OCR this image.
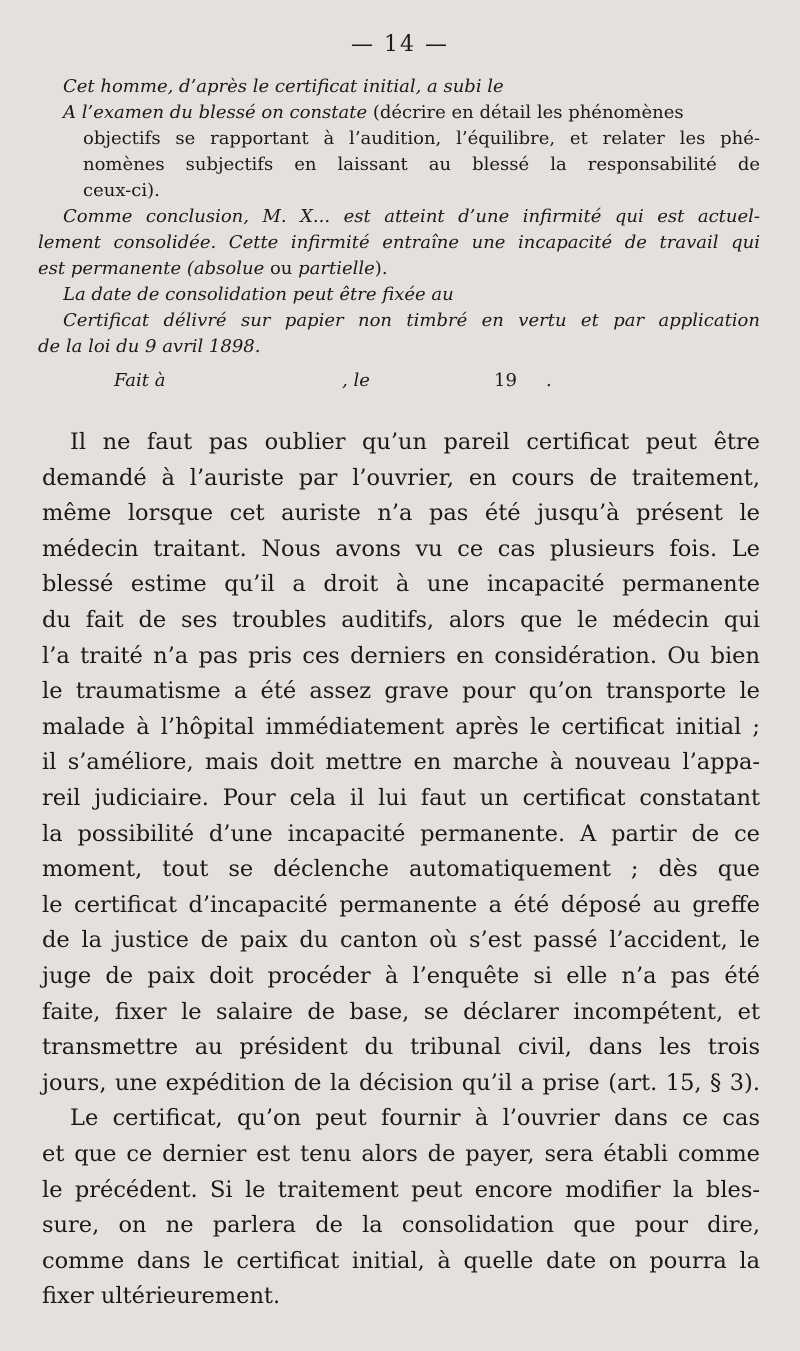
— 14 —
Cet homme, d’après le certificat initial, a subi le
A l’examen du blessé on constate (décrire en détail les phénomènes
objectifs se rapportant à l’audition, l’équilibre, et relater les phé-
nomènes subjectifs en laissant au blessé la responsabilité de
ceux-ci).
Comme conclusion, M. X... est atteint d’une infirmité qui est actuel-
lement consolidée. Cette infirmité entraîne une incapacité de travail qui
est permanente (absolue ou partielle).
La date de consolidation peut être fixée au
Certificat délivré sur papier non timbré en vertu et par application
de la loi du 9 avril 1898.
Fait à	, le	19 .
Il ne faut pas oublier qu’un pareil certificat peut être
demandé à l’auriste par l’ouvrier, en cours de traitement,
même lorsque cet auriste n’a pas été jusqu’à présent le
médecin traitant. Nous avons vu ce cas plusieurs fois. Le
blessé estime qu’il a droit à une incapacité permanente
du fait de ses troubles auditifs, alors que le médecin qui
l’a traité n’a pas pris ces derniers en considération. Ou bien
le traumatisme a été assez grave pour qu’on transporte le
malade à l’hôpital immédiatement après le certificat initial ;
il s’améliore, mais doit mettre en marche à nouveau l’appa-
reil judiciaire. Pour cela il lui faut un certificat constatant
la possibilité d’une incapacité permanente. A partir de ce
moment, tout se déclenche automatiquement ; dès que
le certificat d’incapacité permanente a été déposé au greffe
de la justice de paix du canton où s’est passé l’accident, le
juge de paix doit procéder à l’enquête si elle n’a pas été
faite, fixer le salaire de base, se déclarer incompétent, et
transmettre au président du tribunal civil, dans les trois
jours, une expédition de la décision qu’il a prise (art. 15, § 3).
Le certificat, qu’on peut fournir à l’ouvrier dans ce cas
et que ce dernier est tenu alors de payer, sera établi comme
le précédent. Si le traitement peut encore modifier la bles-
sure, on ne parlera de la consolidation que pour dire,
comme dans le certificat initial, à quelle date on pourra la
fixer ultérieurement.
